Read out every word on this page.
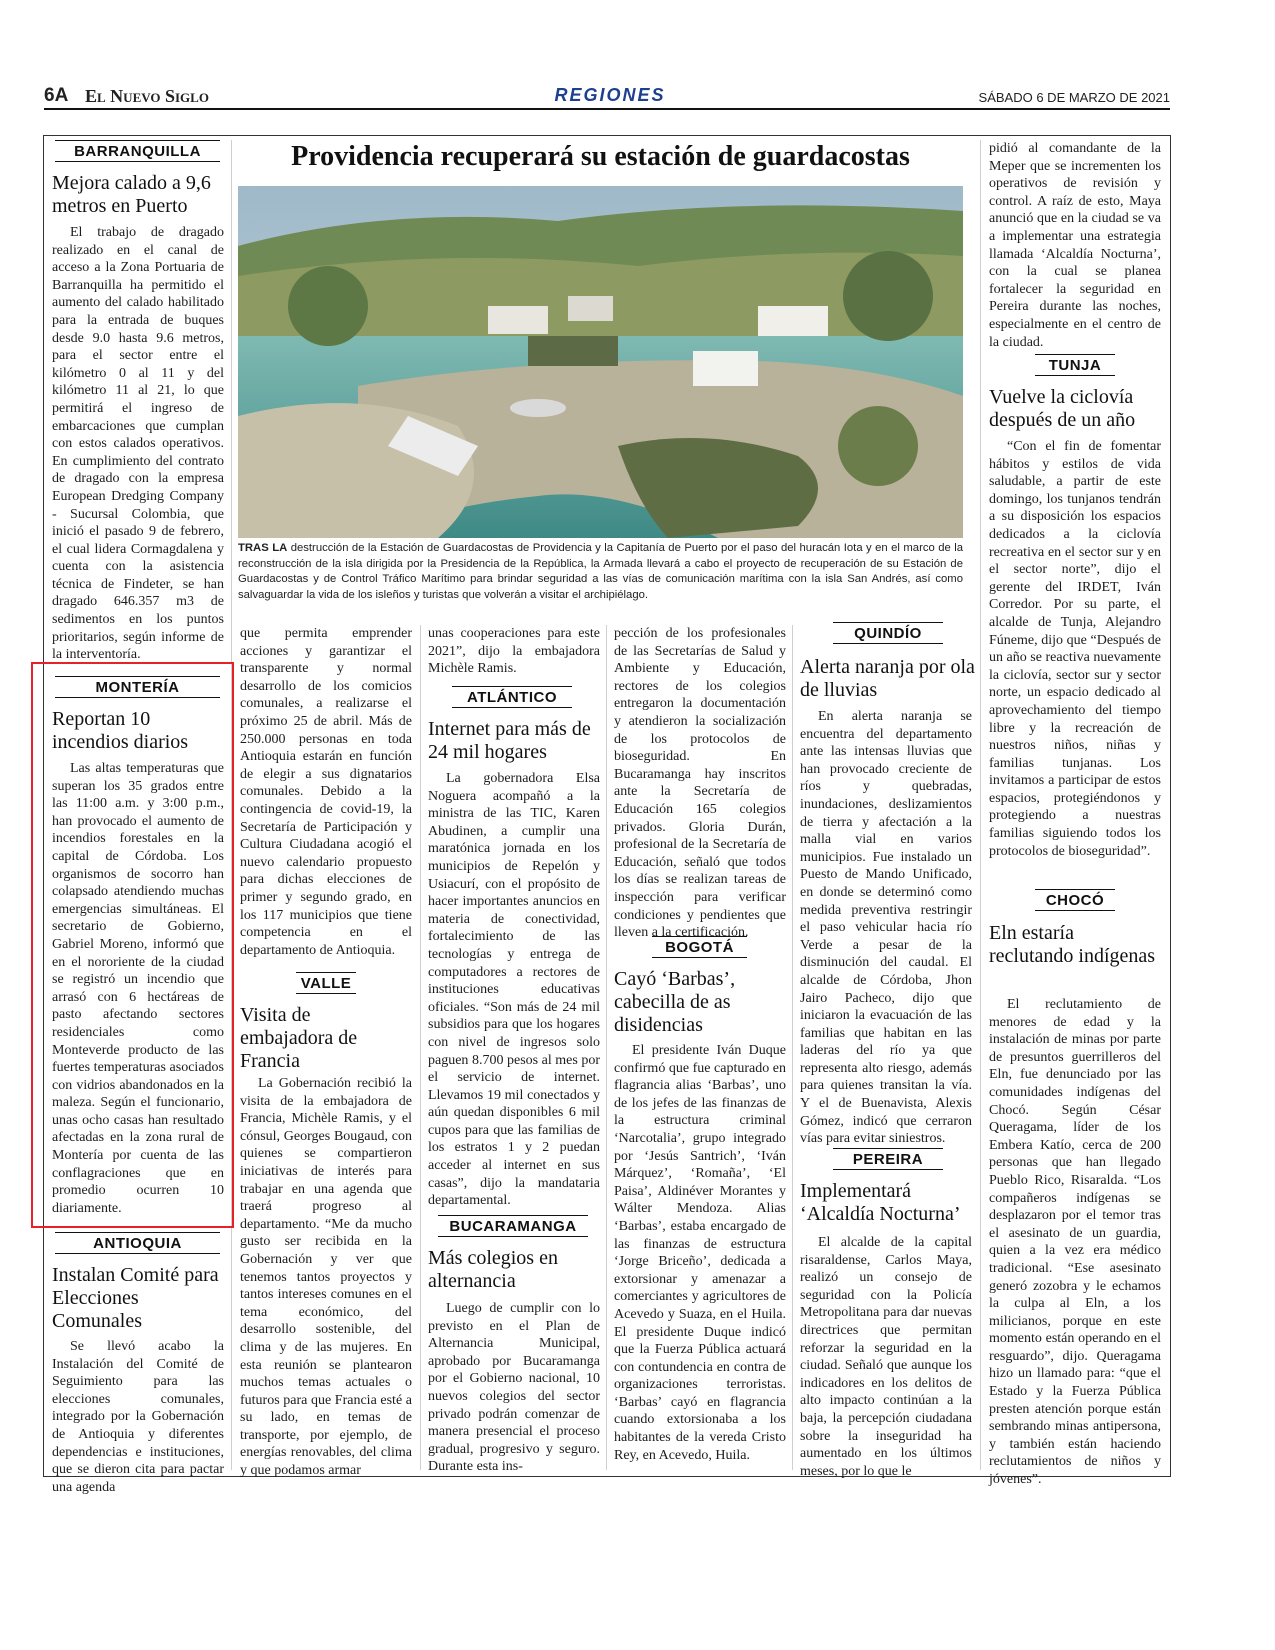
6A El Nuevo Siglo	REGIONES	SÁBADO 6 DE MARZO DE 2021
BARRANQUILLA
Mejora calado a 9,6 metros en Puerto

El trabajo de dragado realizado en el canal de acceso a la Zona Portuaria de Barranquilla ha permitido el aumento del calado habilitado para la entrada de buques desde 9.0 hasta 9.6 metros, para el sector entre el kilómetro 0 al 11 y del kilómetro 11 al 21, lo que permitirá el ingreso de embarcaciones que cumplan con estos calados operativos. En cumplimiento del contrato de dragado con la empresa European Dredging Company - Sucursal Colombia, que inició el pasado 9 de febrero, el cual lidera Cormagdalena y cuenta con la asistencia técnica de Findeter, se han dragado 646.357 m3 de sedimentos en los puntos prioritarios, según informe de la interventoría.

MONTERÍA
Reportan 10 incendios diarios

Las altas temperaturas que superan los 35 grados entre las 11:00 a.m. y 3:00 p.m., han provocado el aumento de incendios forestales en la capital de Córdoba. Los organismos de socorro han colapsado atendiendo muchas emergencias simultáneas. El secretario de Gobierno, Gabriel Moreno, informó que en el nororiente de la ciudad se registró un incendio que arrasó con 6 hectáreas de pasto afectando sectores residenciales como Monteverde producto de las fuertes temperaturas asociados con vidrios abandonados en la maleza. Según el funcionario, unas ocho casas han resultado afectadas en la zona rural de Montería por cuenta de las conflagraciones que en promedio ocurren 10 diariamente.

ANTIOQUIA
Instalan Comité para Elecciones Comunales

Se llevó acabo la Instalación del Comité de Seguimiento para las elecciones comunales, integrado por la Gobernación de Antioquia y diferentes dependencias e instituciones, que se dieron cita para pactar una agenda

Providencia recuperará su estación de guardacostas
TRAS LA destrucción de la Estación de Guardacostas de Providencia y la Capitanía de Puerto por el paso del huracán Iota y en el marco de la reconstrucción de la isla dirigida por la Presidencia de la República, la Armada llevará a cabo el proyecto de recuperación de su Estación de Guardacostas y de Control Tráfico Marítimo para brindar seguridad a las vías de comunicación marítima con la isla San Andrés, así como salvaguardar la vida de los isleños y turistas que volverán a visitar el archipiélago.

que permita emprender acciones y garantizar el transparente y normal desarrollo de los comicios comunales, a realizarse el próximo 25 de abril. Más de 250.000 personas en toda Antioquia estarán en función de elegir a sus dignatarios comunales. Debido a la contingencia de covid-19, la Secretaría de Participación y Cultura Ciudadana acogió el nuevo calendario propuesto para dichas elecciones de primer y segundo grado, en los 117 municipios que tiene competencia en el departamento de Antioquia.

VALLE
Visita de embajadora de Francia

La Gobernación recibió la visita de la embajadora de Francia, Michèle Ramis, y el cónsul, Georges Bougaud, con quienes se compartieron iniciativas de interés para trabajar en una agenda que traerá progreso al departamento. “Me da mucho gusto ser recibida en la Gobernación y ver que tenemos tantos proyectos y tantos intereses comunes en el tema económico, del desarrollo sostenible, del clima y de las mujeres. En esta reunión se plantearon muchos temas actuales o futuros para que Francia esté a su lado, en temas de transporte, por ejemplo, de energías renovables, del clima y que podamos armar

unas cooperaciones para este 2021”, dijo la embajadora Michèle Ramis.

ATLÁNTICO
Internet para más de 24 mil hogares

La gobernadora Elsa Noguera acompañó a la ministra de las TIC, Karen Abudinen, a cumplir una maratónica jornada en los municipios de Repelón y Usiacurí, con el propósito de hacer importantes anuncios en materia de conectividad, fortalecimiento de las tecnologías y entrega de computadores a rectores de instituciones educativas oficiales. “Son más de 24 mil subsidios para que los hogares con nivel de ingresos solo paguen 8.700 pesos al mes por el servicio de internet. Llevamos 19 mil conectados y aún quedan disponibles 6 mil cupos para que las familias de los estratos 1 y 2 puedan acceder al internet en sus casas”, dijo la mandataria departamental.

BUCARAMANGA
Más colegios en alternancia

Luego de cumplir con lo previsto en el Plan de Alternancia Municipal, aprobado por Bucaramanga por el Gobierno nacional, 10 nuevos colegios del sector privado podrán comenzar de manera presencial el proceso gradual, progresivo y seguro. Durante esta ins-

pección de los profesionales de las Secretarías de Salud y Ambiente y Educación, rectores de los colegios entregaron la documentación y atendieron la socialización de los protocolos de bioseguridad. En Bucaramanga hay inscritos ante la Secretaría de Educación 165 colegios privados. Gloria Durán, profesional de la Secretaría de Educación, señaló que todos los días se realizan tareas de inspección para verificar condiciones y pendientes que lleven a la certificación.

BOGOTÁ
Cayó ‘Barbas’, cabecilla de as disidencias

El presidente Iván Duque confirmó que fue capturado en flagrancia alias ‘Barbas’, uno de los jefes de las finanzas de la estructura criminal ‘Narcotalia’, grupo integrado por ‘Jesús Santrich’, ‘Iván Márquez’, ‘Romaña’, ‘El Paisa’, Aldinéver Morantes y Wálter Mendoza. Alias ‘Barbas’, estaba encargado de las finanzas de estructura ‘Jorge Briceño’, dedicada a extorsionar y amenazar a comerciantes y agricultores de Acevedo y Suaza, en el Huila. El presidente Duque indicó que la Fuerza Pública actuará con contundencia en contra de organizaciones terroristas. ‘Barbas’ cayó en flagrancia cuando extorsionaba a los habitantes de la vereda Cristo Rey, en Acevedo, Huila.

QUINDÍO
Alerta naranja por ola de lluvias

En alerta naranja se encuentra del departamento ante las intensas lluvias que han provocado creciente de ríos y quebradas, inundaciones, deslizamientos de tierra y afectación a la malla vial en varios municipios. Fue instalado un Puesto de Mando Unificado, en donde se determinó como medida preventiva restringir el paso vehicular hacia río Verde a pesar de la disminución del caudal. El alcalde de Córdoba, Jhon Jairo Pacheco, dijo que iniciaron la evacuación de las familias que habitan en las laderas del río ya que representa alto riesgo, además para quienes transitan la vía. Y el de Buenavista, Alexis Gómez, indicó que cerraron vías para evitar siniestros.

PEREIRA
Implementará ‘Alcaldía Nocturna’

El alcalde de la capital risaraldense, Carlos Maya, realizó un consejo de seguridad con la Policía Metropolitana para dar nuevas directrices que permitan reforzar la seguridad en la ciudad. Señaló que aunque los indicadores en los delitos de alto impacto continúan a la baja, la percepción ciudadana sobre la inseguridad ha aumentado en los últimos meses, por lo que le

pidió al comandante de la Meper que se incrementen los operativos de revisión y control. A raíz de esto, Maya anunció que en la ciudad se va a implementar una estrategia llamada ‘Alcaldía Nocturna’, con la cual se planea fortalecer la seguridad en Pereira durante las noches, especialmente en el centro de la ciudad.

TUNJA
Vuelve la ciclovía después de un año

“Con el fin de fomentar hábitos y estilos de vida saludable, a partir de este domingo, los tunjanos tendrán a su disposición los espacios dedicados a la ciclovía recreativa en el sector sur y en el sector norte”, dijo el gerente del IRDET, Iván Corredor. Por su parte, el alcalde de Tunja, Alejandro Fúneme, dijo que “Después de un año se reactiva nuevamente la ciclovía, sector sur y sector norte, un espacio dedicado al aprovechamiento del tiempo libre y la recreación de nuestros niños, niñas y familias tunjanas. Los invitamos a participar de estos espacios, protegiéndonos y protegiendo a nuestras familias siguiendo todos los protocolos de bioseguridad”.

CHOCÓ
Eln estaría reclutando indígenas

El reclutamiento de menores de edad y la instalación de minas por parte de presuntos guerrilleros del Eln, fue denunciado por las comunidades indígenas del Chocó. Según César Queragama, líder de los Embera Katío, cerca de 200 personas que han llegado Pueblo Rico, Risaralda. “Los compañeros indígenas se desplazaron por el temor tras el asesinato de un guardia, quien a la vez era médico tradicional. “Ese asesinato generó zozobra y le echamos la culpa al Eln, a los milicianos, porque en este momento están operando en el resguardo”, dijo. Queragama hizo un llamado para: “que el Estado y la Fuerza Pública presten atención porque están sembrando minas antipersona, y también están haciendo reclutamientos de niños y jóvenes”.
